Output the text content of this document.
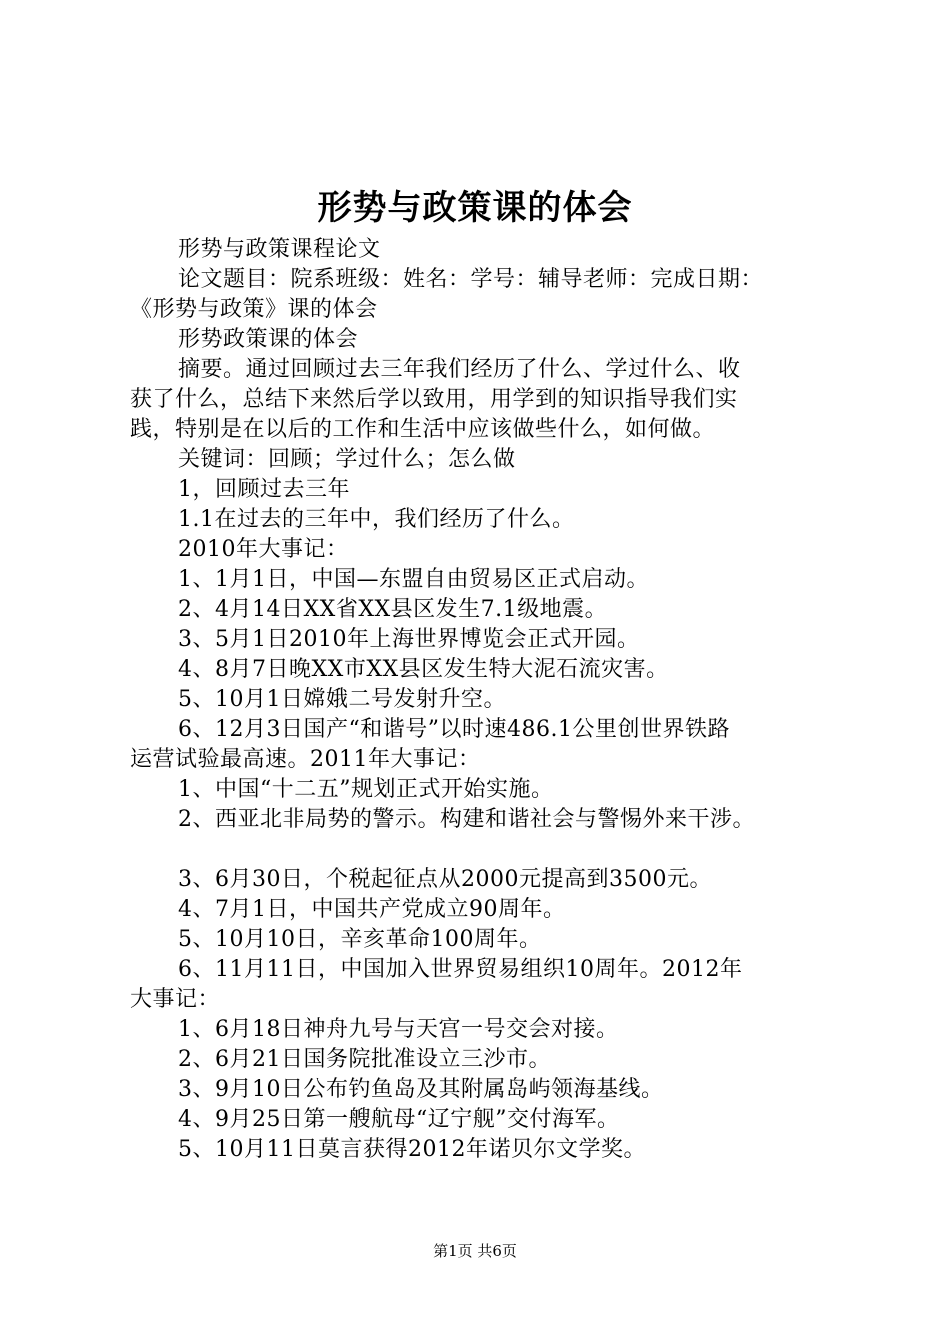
形势与政策课的体会

形势与政策课程论文

论文题目：院系班级：姓名：学号：辅导老师：完成日期：

《形势与政策》课的体会

形势政策课的体会

摘要。通过回顾过去三年我们经历了什么、学过什么、收

获了什么，总结下来然后学以致用，用学到的知识指导我们实

践，特别是在以后的工作和生活中应该做些什么，如何做。

关键词：回顾；学过什么；怎么做

1，回顾过去三年

1.1在过去的三年中，我们经历了什么。

2010年大事记：

1、1月1日，中国—东盟自由贸易区正式启动。

2、4月14日XX省XX县区发生7.1级地震。

3、5月1日2010年上海世界博览会正式开园。

4、8月7日晚XX市XX县区发生特大泥石流灾害。

5、10月1日嫦娥二号发射升空。

6、12月3日国产“和谐号”以时速486.1公里创世界铁路

运营试验最高速。2011年大事记：

1、中国“十二五”规划正式开始实施。

2、西亚北非局势的警示。构建和谐社会与警惕外来干涉。

3、6月30日，个税起征点从2000元提高到3500元。

4、7月1日，中国共产党成立90周年。

5、10月10日，辛亥革命100周年。

6、11月11日，中国加入世界贸易组织10周年。2012年

大事记：

1、6月18日神舟九号与天宫一号交会对接。

2、6月21日国务院批准设立三沙市。

3、9月10日公布钓鱼岛及其附属岛屿领海基线。

4、9月25日第一艘航母“辽宁舰”交付海军。

5、10月11日莫言获得2012年诺贝尔文学奖。

第1页 共6页
